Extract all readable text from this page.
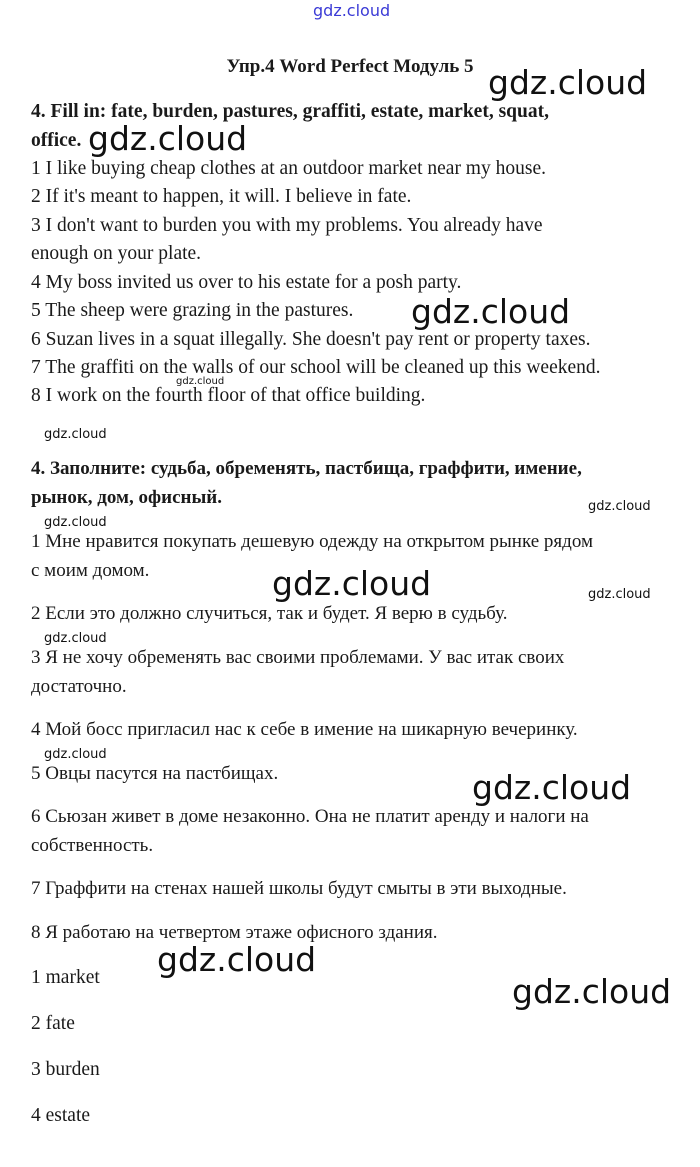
gdz.cloud
Упр.4 Word Perfect Модуль 5
4. Fill in: fate, burden, pastures, graffiti, estate, market, squat,
office.
1 I like buying cheap clothes at an outdoor market near my house.
2 If it's meant to happen, it will. I believe in fate.
3 I don't want to burden you with my problems. You already have
enough on your plate.
4 My boss invited us over to his estate for a posh party.
5 The sheep were grazing in the pastures.
6 Suzan lives in a squat illegally. She doesn't pay rent or property taxes.
7 The graffiti on the walls of our school will be cleaned up this weekend.
8 I work on the fourth floor of that office building.
4. Заполните: судьба, обременять, пастбища, граффити, имение,
рынок, дом, офисный.
1 Мне нравится покупать дешевую одежду на открытом рынке рядом
с моим домом.
2 Если это должно случиться, так и будет. Я верю в судьбу.
3 Я не хочу обременять вас своими проблемами. У вас итак своих
достаточно.
4 Мой босс пригласил нас к себе в имение на шикарную вечеринку.
5 Овцы пасутся на пастбищах.
6 Сьюзан живет в доме незаконно. Она не платит аренду и налоги на
собственность.
7 Граффити на стенах нашей школы будут смыты в эти выходные.
8 Я работаю на четвертом этаже офисного здания.
1 market
2 fate
3 burden
4 estate
gdz.cloud
gdz.cloud
gdz.cloud
gdz.cloud
gdz.cloud
gdz.cloud
gdz.cloud
gdz.cloud	gdz.cloud
gdz.cloud
gdz.cloud
gdz.cloud
gdz.cloud
gdz.cloud
